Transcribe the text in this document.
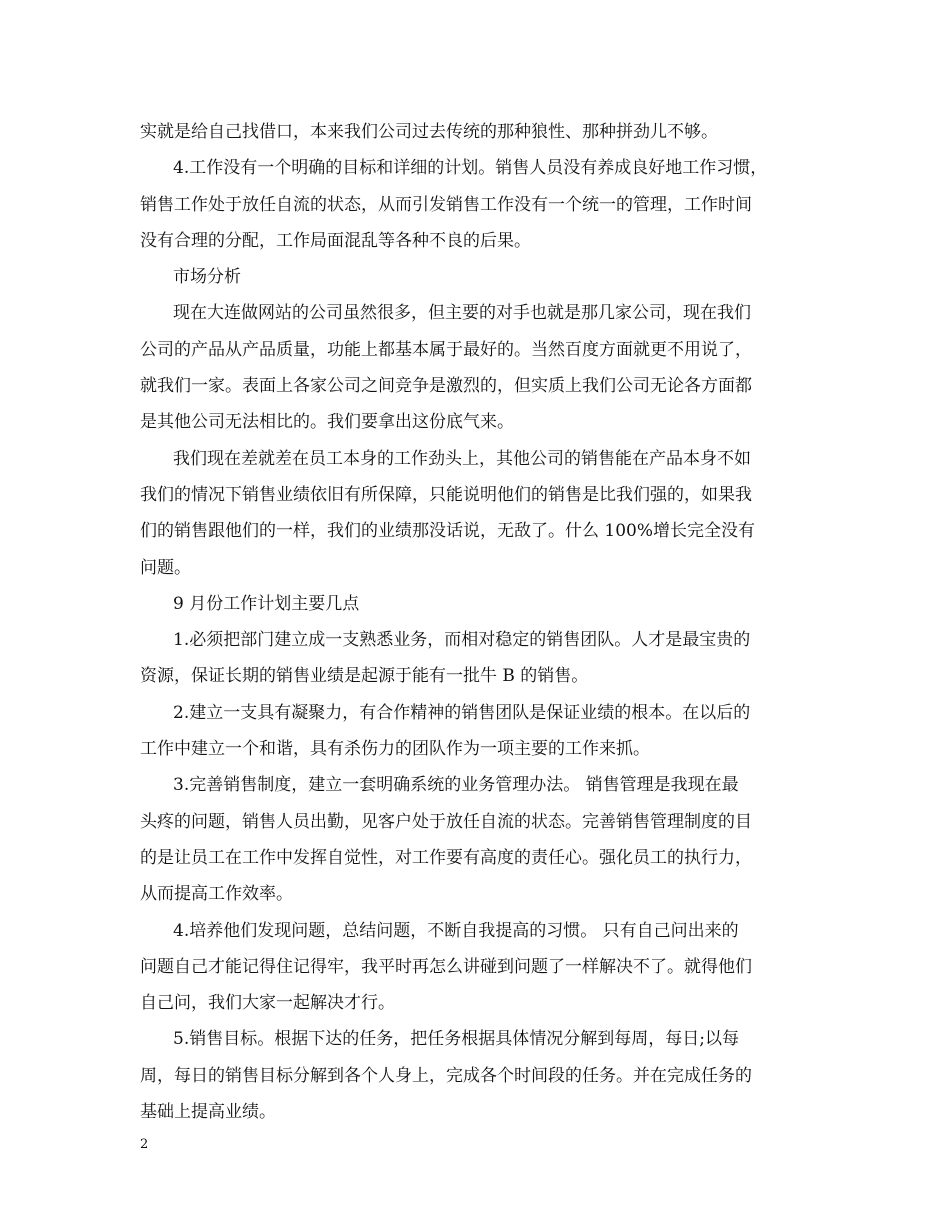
实就是给自己找借口，本来我们公司过去传统的那种狼性、那种拼劲儿不够。
4.工作没有一个明确的目标和详细的计划。销售人员没有养成良好地工作习惯，
销售工作处于放任自流的状态，从而引发销售工作没有一个统一的管理，工作时间
没有合理的分配，工作局面混乱等各种不良的后果。
市场分析
现在大连做网站的公司虽然很多，但主要的对手也就是那几家公司，现在我们
公司的产品从产品质量，功能上都基本属于最好的。当然百度方面就更不用说了，
就我们一家。表面上各家公司之间竞争是激烈的，但实质上我们公司无论各方面都
是其他公司无法相比的。我们要拿出这份底气来。
我们现在差就差在员工本身的工作劲头上，其他公司的销售能在产品本身不如
我们的情况下销售业绩依旧有所保障，只能说明他们的销售是比我们强的，如果我
们的销售跟他们的一样，我们的业绩那没话说，无敌了。什么 100%增长完全没有
问题。
9 月份工作计划主要几点
1.必须把部门建立成一支熟悉业务，而相对稳定的销售团队。人才是最宝贵的
资源，保证长期的销售业绩是起源于能有一批牛 B 的销售。
2.建立一支具有凝聚力，有合作精神的销售团队是保证业绩的根本。在以后的
工作中建立一个和谐，具有杀伤力的团队作为一项主要的工作来抓。
3.完善销售制度，建立一套明确系统的业务管理办法。 销售管理是我现在最
头疼的问题，销售人员出勤，见客户处于放任自流的状态。完善销售管理制度的目
的是让员工在工作中发挥自觉性，对工作要有高度的责任心。强化员工的执行力，
从而提高工作效率。
4.培养他们发现问题，总结问题，不断自我提高的习惯。 只有自己问出来的
问题自己才能记得住记得牢，我平时再怎么讲碰到问题了一样解决不了。就得他们
自己问，我们大家一起解决才行。
5.销售目标。根据下达的任务，把任务根据具体情况分解到每周，每日;以每
周，每日的销售目标分解到各个人身上，完成各个时间段的任务。并在完成任务的
基础上提高业绩。
2
